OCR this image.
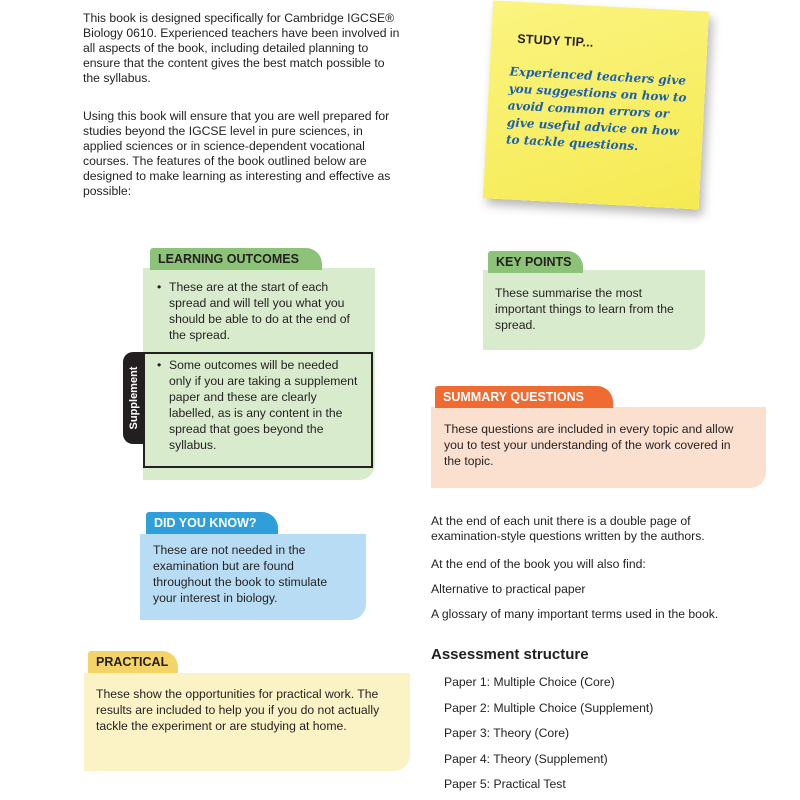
This book is designed specifically for Cambridge IGCSE® Biology 0610. Experienced teachers have been involved in all aspects of the book, including detailed planning to ensure that the content gives the best match possible to the syllabus.

Using this book will ensure that you are well prepared for studies beyond the IGCSE level in pure sciences, in applied sciences or in science-dependent vocational courses. The features of the book outlined below are designed to make learning as interesting and effective as possible:

STUDY TIP...
Experienced teachers give you suggestions on how to avoid common errors or give useful advice on how to tackle questions.
LEARNING OUTCOMES
• These are at the start of each spread and will tell you what you should be able to do at the end of the spread.
Supplement
• Some outcomes will be needed only if you are taking a supplement paper and these are clearly labelled, as is any content in the spread that goes beyond the syllabus.
KEY POINTS

These summarise the most important things to learn from the spread.

SUMMARY QUESTIONS

These questions are included in every topic and allow you to test your understanding of the work covered in the topic.

DID YOU KNOW?

These are not needed in the examination but are found throughout the book to stimulate your interest in biology.

PRACTICAL

These show the opportunities for practical work. The results are included to help you if you do not actually tackle the experiment or are studying at home.

At the end of each unit there is a double page of examination-style questions written by the authors.

At the end of the book you will also find:

Alternative to practical paper

A glossary of many important terms used in the book.

Assessment structure

Paper 1: Multiple Choice (Core)

Paper 2: Multiple Choice (Supplement)

Paper 3: Theory (Core)

Paper 4: Theory (Supplement)

Paper 5: Practical Test
